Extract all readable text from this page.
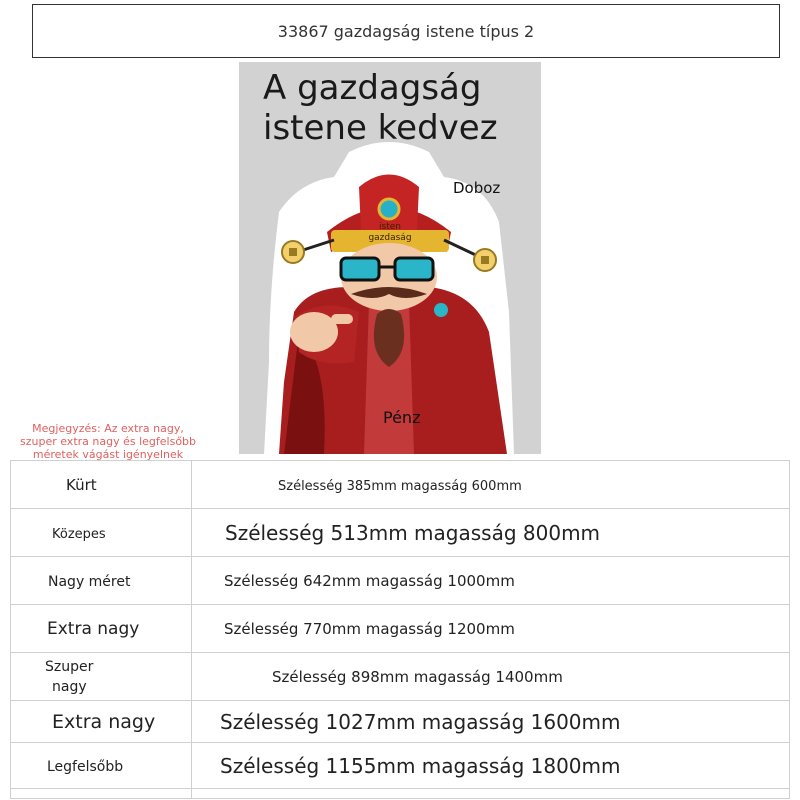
33867 gazdagság istene típus 2
A gazdagság
istene kedvez
isten
gazdaság
Doboz
Pénz
Megjegyzés: Az extra nagy,
szuper extra nagy és legfelsőbb
méretek vágást igényelnek
Kürt	Szélesség 385mm magasság 600mm
Közepes	Szélesség 513mm magasság 800mm
Nagy méret	Szélesség 642mm magasság 1000mm
Extra nagy	Szélesség 770mm magasság 1200mm

Szuper
nagy	Szélesség 898mm magasság 1400mm
Extra nagy	Szélesség 1027mm magasság 1600mm
Legfelsőbb	Szélesség 1155mm magasság 1800mm
